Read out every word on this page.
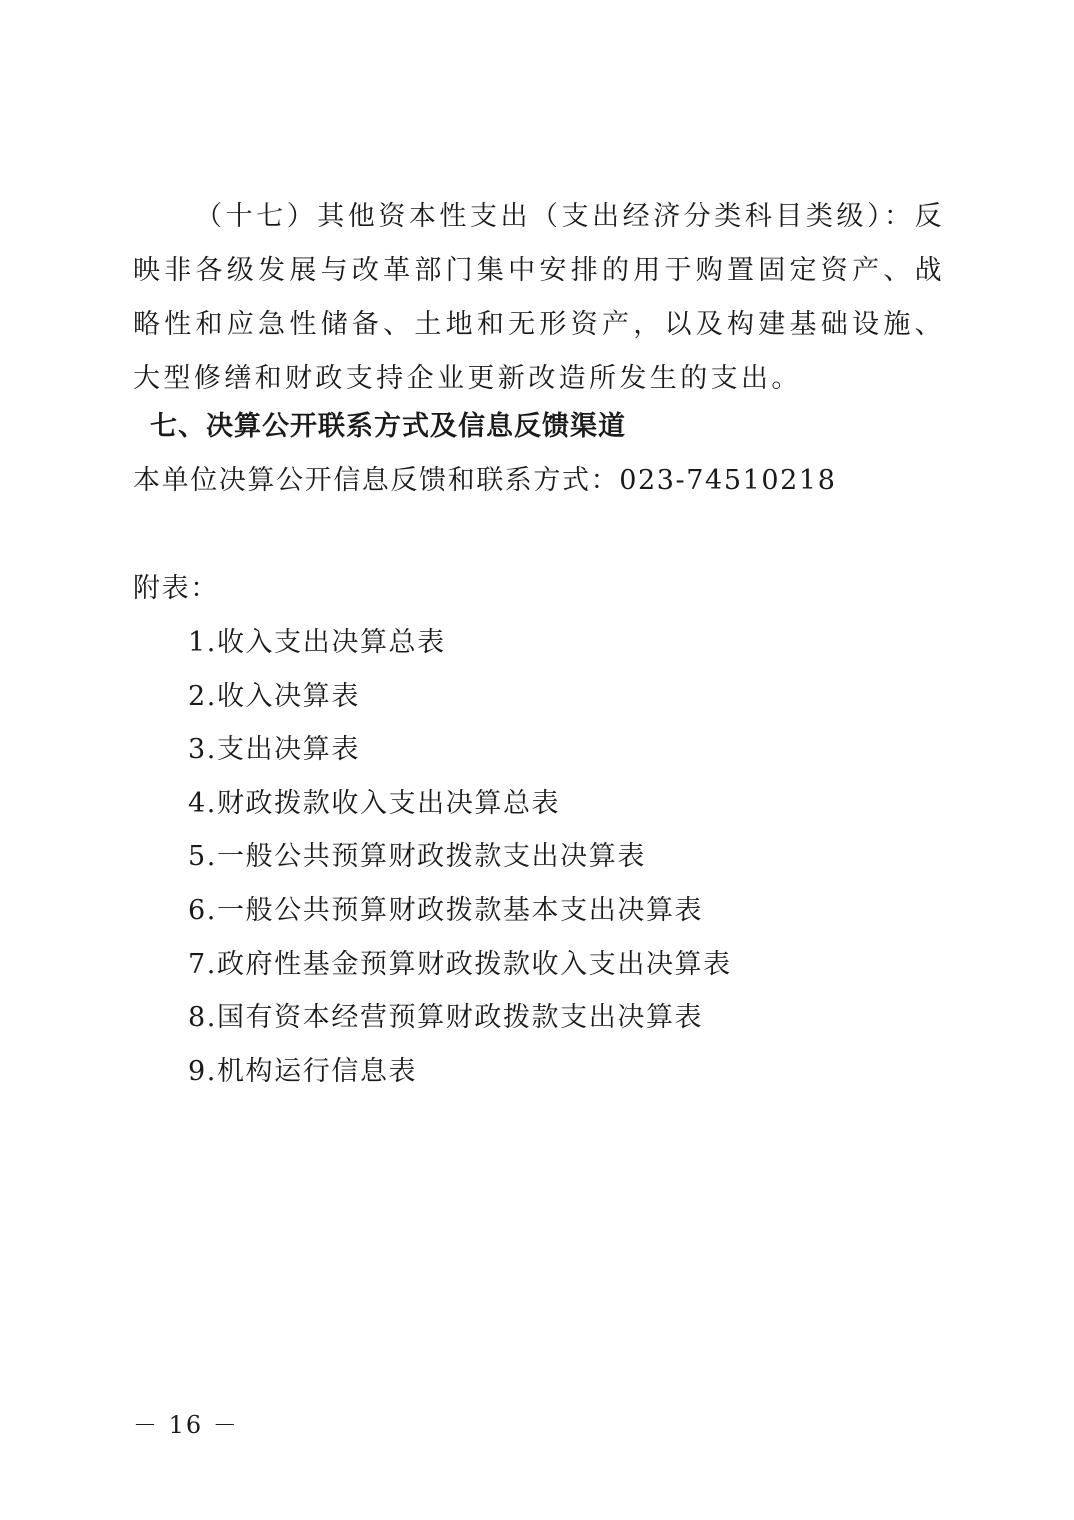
（十七）其他资本性支出（支出经济分类科目类级）：反映非各级发展与改革部门集中安排的用于购置固定资产、战略性和应急性储备、土地和无形资产，以及构建基础设施、大型修缮和财政支持企业更新改造所发生的支出。

七、决算公开联系方式及信息反馈渠道

本单位决算公开信息反馈和联系方式：023-74510218

附表：

1.收入支出决算总表
2.收入决算表
3.支出决算表
4.财政拨款收入支出决算总表
5.一般公共预算财政拨款支出决算表
6.一般公共预算财政拨款基本支出决算表
7.政府性基金预算财政拨款收入支出决算表
8.国有资本经营预算财政拨款支出决算表
9.机构运行信息表

－ 16 －
